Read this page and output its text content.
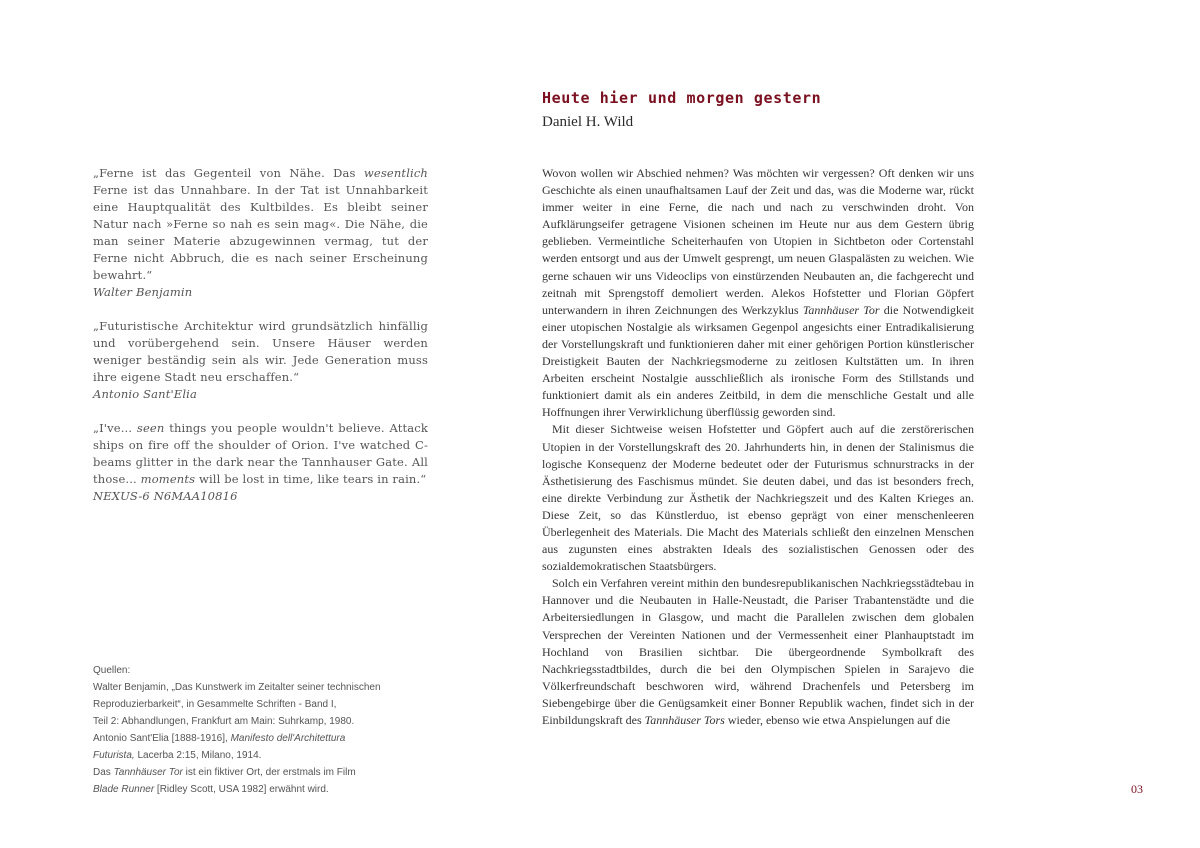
Heute hier und morgen gestern
Daniel H. Wild

„Ferne ist das Gegenteil von Nähe. Das wesentlich Ferne ist das Unnahbare. In der Tat ist Unnahbarkeit eine Hauptqualität des Kultbildes. Es bleibt seiner Natur nach »Ferne so nah es sein mag«. Die Nähe, die man seiner Materie abzugewinnen vermag, tut der Ferne nicht Abbruch, die es nach seiner Erscheinung bewahrt.“

Walter Benjamin

„Futuristische Architektur wird grundsätzlich hinfällig und vorübergehend sein. Unsere Häuser werden weniger beständig sein als wir. Jede Generation muss ihre eigene Stadt neu erschaffen.“

Antonio Sant'Elia

„I've... seen things you people wouldn't believe. Attack ships on fire off the shoulder of Orion. I've watched C-beams glitter in the dark near the Tannhauser Gate. All those... moments will be lost in time, like tears in rain.“

NEXUS-6 N6MAA10816
Quellen:
Walter Benjamin, „Das Kunstwerk im Zeitalter seiner technischen
Reproduzierbarkeit“, in Gesammelte Schriften - Band I,
Teil 2: Abhandlungen, Frankfurt am Main: Suhrkamp, 1980.
Antonio Sant'Elia [1888-1916], Manifesto dell'Architettura
Futurista, Lacerba 2:15, Milano, 1914.
Das Tannhäuser Tor ist ein fiktiver Ort, der erstmals im Film
Blade Runner [Ridley Scott, USA 1982] erwähnt wird.

Wovon wollen wir Abschied nehmen? Was möchten wir vergessen? Oft denken wir uns Geschichte als einen unaufhaltsamen Lauf der Zeit und das, was die Moderne war, rückt immer weiter in eine Ferne, die nach und nach zu verschwinden droht. Von Aufklärungseifer getragene Visionen scheinen im Heute nur aus dem Gestern übrig geblieben. Vermeintliche Scheiterhaufen von Utopien in Sichtbeton oder Cortenstahl werden entsorgt und aus der Umwelt gesprengt, um neuen Glaspalästen zu weichen. Wie gerne schauen wir uns Videoclips von einstürzenden Neubauten an, die fachgerecht und zeitnah mit Sprengstoff demoliert werden. Alekos Hofstetter und Florian Göpfert unterwandern in ihren Zeichnungen des Werkzyklus Tannhäuser Tor die Notwendigkeit einer utopischen Nostalgie als wirksamen Gegenpol angesichts einer Entradikalisierung der Vorstellungskraft und funktionieren daher mit einer gehörigen Portion künstlerischer Dreistigkeit Bauten der Nachkriegsmoderne zu zeitlosen Kultstätten um. In ihren Arbeiten erscheint Nostalgie ausschließlich als ironische Form des Stillstands und funktioniert damit als ein anderes Zeitbild, in dem die menschliche Gestalt und alle Hoffnungen ihrer Verwirklichung überflüssig geworden sind.

Mit dieser Sichtweise weisen Hofstetter und Göpfert auch auf die zerstörerischen Utopien in der Vorstellungskraft des 20. Jahrhunderts hin, in denen der Stalinismus die logische Konsequenz der Moderne bedeutet oder der Futurismus schnurstracks in der Ästhetisierung des Faschismus mündet. Sie deuten dabei, und das ist besonders frech, eine direkte Verbindung zur Ästhetik der Nachkriegszeit und des Kalten Krieges an. Diese Zeit, so das Künstlerduo, ist ebenso geprägt von einer menschenleeren Überlegenheit des Materials. Die Macht des Materials schließt den einzelnen Menschen aus zugunsten eines abstrakten Ideals des sozialistischen Genossen oder des sozialdemokratischen Staatsbürgers.

Solch ein Verfahren vereint mithin den bundesrepublikanischen Nachkriegsstädtebau in Hannover und die Neubauten in Halle-Neustadt, die Pariser Trabantenstädte und die Arbeitersiedlungen in Glasgow, und macht die Parallelen zwischen dem globalen Versprechen der Vereinten Nationen und der Vermessenheit einer Planhauptstadt im Hochland von Brasilien sichtbar. Die übergeordnende Symbolkraft des Nachkriegsstadtbildes, durch die bei den Olympischen Spielen in Sarajevo die Völkerfreundschaft beschworen wird, während Drachenfels und Petersberg im Siebengebirge über die Genügsamkeit einer Bonner Republik wachen, findet sich in der Einbildungskraft des Tannhäuser Tors wieder, ebenso wie etwa Anspielungen auf die

03
